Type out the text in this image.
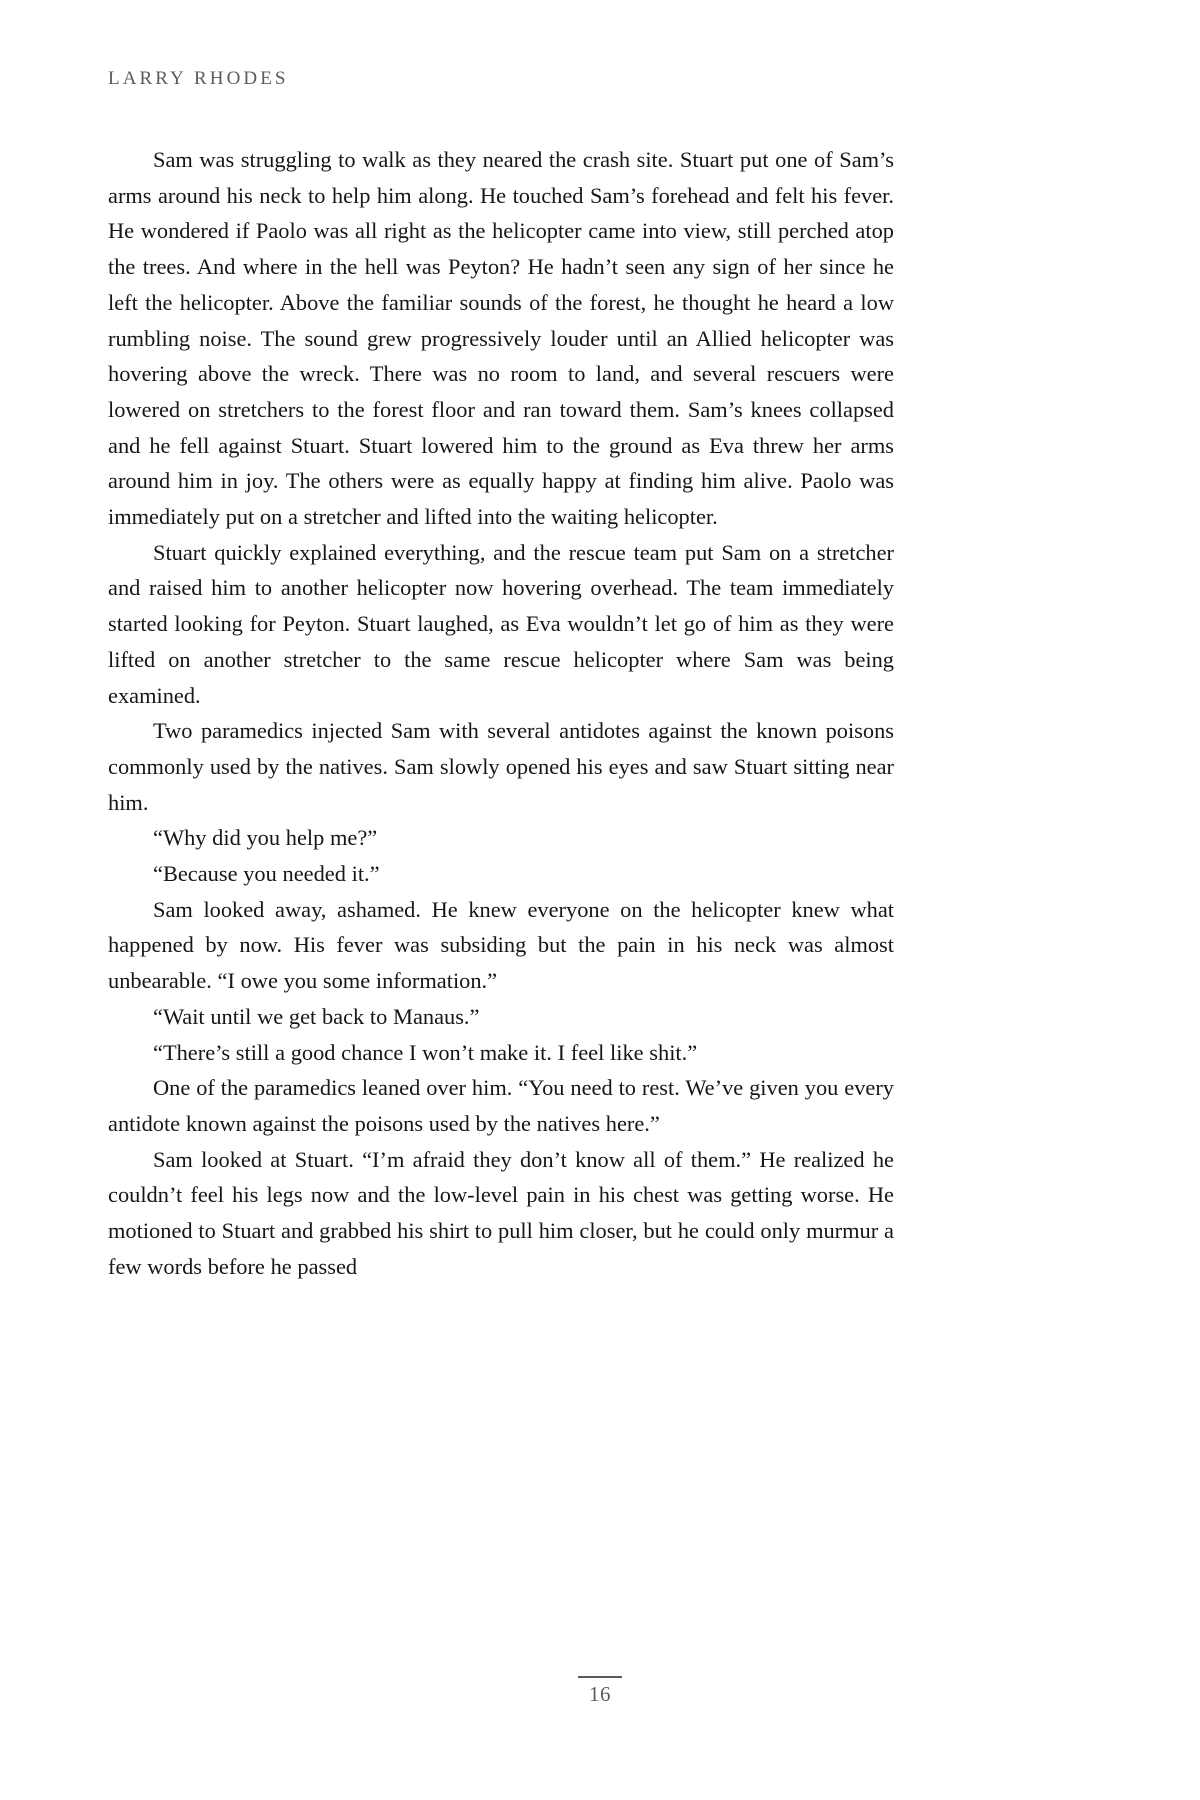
LARRY RHODES

Sam was struggling to walk as they neared the crash site. Stuart put one of Sam’s arms around his neck to help him along. He touched Sam’s forehead and felt his fever. He wondered if Paolo was all right as the helicopter came into view, still perched atop the trees. And where in the hell was Peyton? He hadn’t seen any sign of her since he left the helicopter. Above the familiar sounds of the forest, he thought he heard a low rumbling noise. The sound grew progressively louder until an Allied helicopter was hovering above the wreck. There was no room to land, and several rescuers were lowered on stretchers to the forest floor and ran toward them. Sam’s knees collapsed and he fell against Stuart. Stuart lowered him to the ground as Eva threw her arms around him in joy. The others were as equally happy at finding him alive. Paolo was immediately put on a stretcher and lifted into the waiting helicopter.

Stuart quickly explained everything, and the rescue team put Sam on a stretcher and raised him to another helicopter now hovering overhead. The team immediately started looking for Peyton. Stuart laughed, as Eva wouldn’t let go of him as they were lifted on another stretcher to the same rescue helicopter where Sam was being examined.

Two paramedics injected Sam with several antidotes against the known poisons commonly used by the natives. Sam slowly opened his eyes and saw Stuart sitting near him.

“Why did you help me?”

“Because you needed it.”

Sam looked away, ashamed. He knew everyone on the helicopter knew what happened by now. His fever was subsiding but the pain in his neck was almost unbearable. “I owe you some information.”

“Wait until we get back to Manaus.”

“There’s still a good chance I won’t make it. I feel like shit.”

One of the paramedics leaned over him. “You need to rest. We’ve given you every antidote known against the poisons used by the natives here.”

Sam looked at Stuart. “I’m afraid they don’t know all of them.” He realized he couldn’t feel his legs now and the low-level pain in his chest was getting worse. He motioned to Stuart and grabbed his shirt to pull him closer, but he could only murmur a few words before he passed

16
